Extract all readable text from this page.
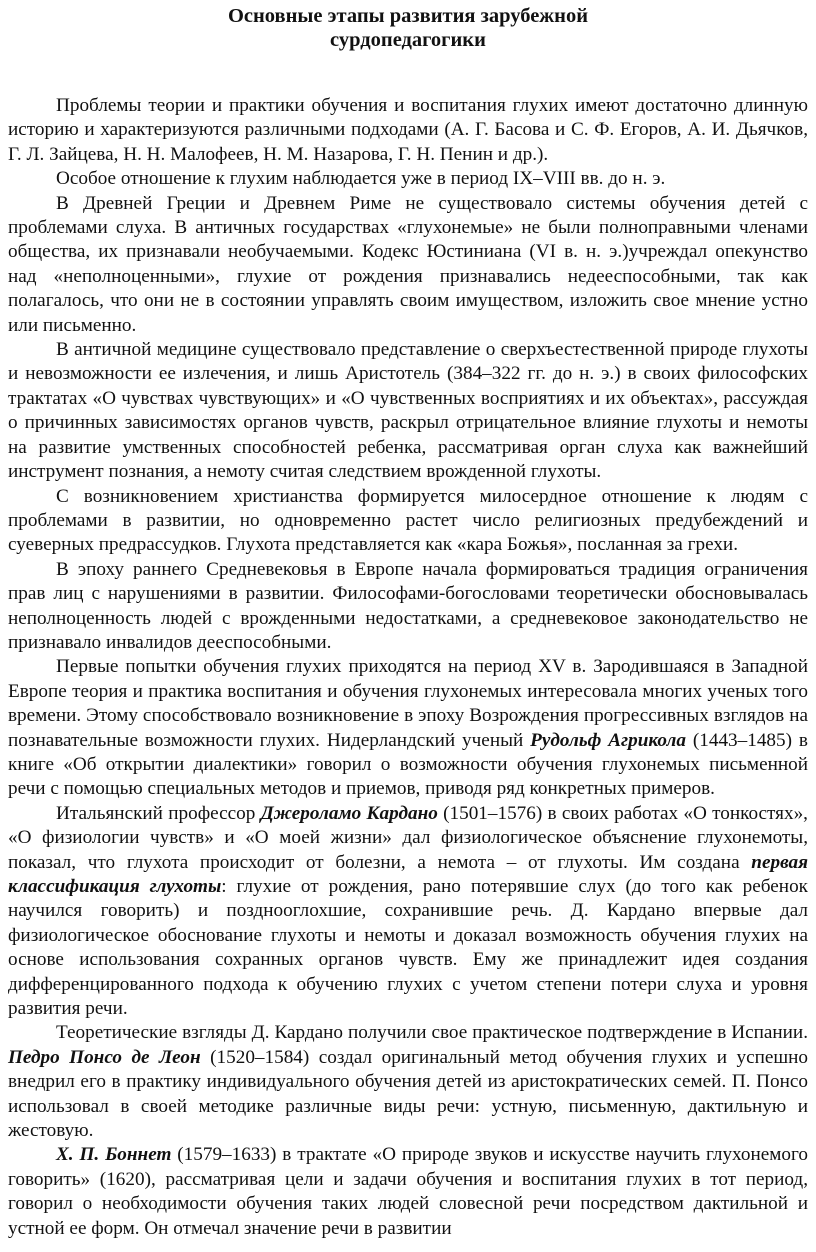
Основные этапы развития зарубежной
сурдопедагогики

Проблемы теории и практики обучения и воспитания глухих имеют достаточно длинную историю и характеризуются различными подходами (А. Г. Басова и С. Ф. Егоров, А. И. Дьячков, Г. Л. Зайцева, Н. Н. Малофеев, Н. М. Назарова, Г. Н. Пенин и др.).

Особое отношение к глухим наблюдается уже в период IX–VIII вв. до н. э.

В Древней Греции и Древнем Риме не существовало системы обучения детей с проблемами слуха. В античных государствах «глухонемые» не были полноправными членами общества, их признавали необучаемыми. Кодекс Юстиниана (VI в. н. э.)учреждал опекунство над «неполноценными», глухие от рождения признавались недееспособными, так как полагалось, что они не в состоянии управлять своим имуществом, изложить свое мнение устно или письменно.

В античной медицине существовало представление о сверхъестественной природе глухоты и невозможности ее излечения, и лишь Аристотель (384–322 гг. до н. э.) в своих философских трактатах «О чувствах чувствующих» и «О чувственных восприятиях и их объектах», рассуждая о причинных зависимостях органов чувств, раскрыл отрицательное влияние глухоты и немоты на развитие умственных способностей ребенка, рассматривая орган слуха как важнейший инструмент познания, а немоту считая следствием врожденной глухоты.

С возникновением христианства формируется милосердное отношение к людям с проблемами в развитии, но одновременно растет число религиозных предубеждений и суеверных предрассудков. Глухота представляется как «кара Божья», посланная за грехи.

В эпоху раннего Средневековья в Европе начала формироваться традиция ограничения прав лиц с нарушениями в развитии. Философами-богословами теоретически обосновывалась неполноценность людей с врожденными недостатками, а средневековое законодательство не признавало инвалидов дееспособными.

Первые попытки обучения глухих приходятся на период XV в. Зародившаяся в Западной Европе теория и практика воспитания и обучения глухонемых интересовала многих ученых того времени. Этому способствовало возникновение в эпоху Возрождения прогрессивных взглядов на познавательные возможности глухих. Нидерландский ученый Рудольф Агрикола (1443–1485) в книге «Об открытии диалектики» говорил о возможности обучения глухонемых письменной речи с помощью специальных методов и приемов, приводя ряд конкретных примеров.

Итальянский профессор Джероламо Кардано (1501–1576) в своих работах «О тонкостях», «О физиологии чувств» и «О моей жизни» дал физиологическое объяснение глухонемоты, показал, что глухота происходит от болезни, а немота – от глухоты. Им создана первая классификация глухоты: глухие от рождения, рано потерявшие слух (до того как ребенок научился говорить) и позднооглохшие, сохранившие речь. Д. Кардано впервые дал физиологическое обоснование глухоты и немоты и доказал возможность обучения глухих на основе использования сохранных органов чувств. Ему же принадлежит идея создания дифференцированного подхода к обучению глухих с учетом степени потери слуха и уровня развития речи.

Теоретические взгляды Д. Кардано получили свое практическое подтверждение в Испании. Педро Понсо де Леон (1520–1584) создал оригинальный метод обучения глухих и успешно внедрил его в практику индивидуального обучения детей из аристократических семей. П. Понсо использовал в своей методике различные виды речи: устную, письменную, дактильную и жестовую.

Х. П. Боннет (1579–1633) в трактате «О природе звуков и искусстве научить глухонемого говорить» (1620), рассматривая цели и задачи обучения и воспитания глухих в тот период, говорил о необходимости обучения таких людей словесной речи посредством дактильной и устной ее форм. Он отмечал значение речи в развитии
